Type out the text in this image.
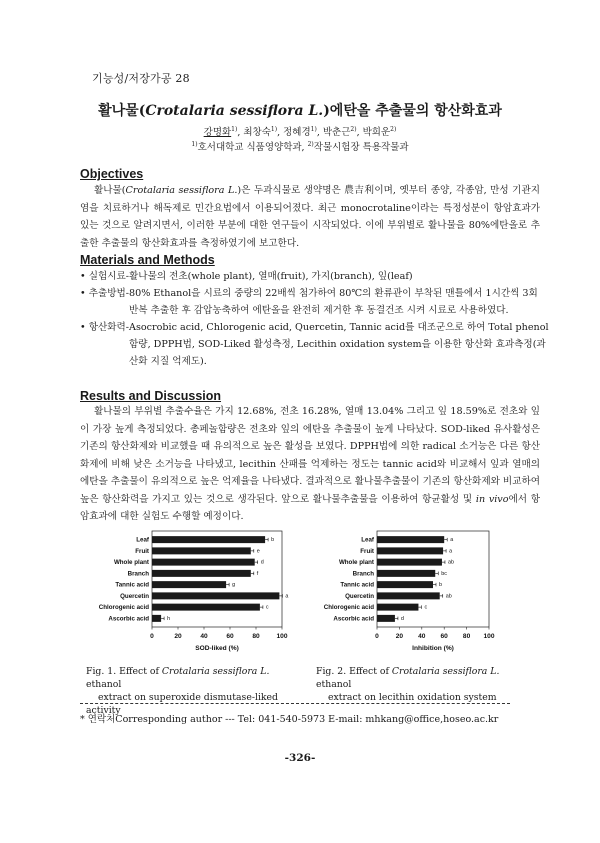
기능성/저장가공 28
활나물(Crotalaria sessiflora L.)에탄올 추출물의 항산화효과
강명화$^{1)}$, 최창숙$^{1)}$, 정혜경$^{1)}$, 박춘근$^{2)}$, 박희운$^{2)}$
$^{1)}$호서대학교 식품영양학과, $^{2)}$작물시험장 특용작물과
Objectives
활나물(Crotalaria sessiflora L.)은 두과식물로 생약명은 農吉利이며, 옛부터 종양, 각종암, 만성 기관지염을 치료하거나 해독제로 민간요법에서 이용되어졌다. 최근 monocrotaline이라는 특정성분이 항암효과가 있는 것으로 알려지면서, 이러한 부분에 대한 연구들이 시작되었다. 이에 부위별로 활나물을 80%에탄올로 추출한 추출물의 항산화효과를 측정하였기에 보고한다.
Materials and Methods
• 실험시료- 활나물의 전초(whole plant), 열매(fruit), 가지(branch), 잎(leaf)
• 추출방법- 80% Ethanol을 시료의 중량의 22배씩 첨가하여 80℃의 환류관이 부착된 맨틀에서 1시간씩 3회 반복 추출한 후 감압농축하여 에탄올을 완전히 제거한 후 동결건조 시켜 시료로 사용하였다.
• 항산화력- Asocrobic acid, Chlorogenic acid, Quercetin, Tannic acid를 대조군으로 하여 Total phenol 함량, DPPH법, SOD-Liked 활성측정, Lecithin oxidation system을 이용한 항산화 효과측정(과산화 지질 억제도).
Results and Discussion
활나물의 부위별 추출수율은 가지 12.68%, 전초 16.28%, 열매 13.04% 그리고 잎 18.59%로 전초와 잎이 가장 높게 측정되었다. 총페놀함량은 전초와 잎의 에탄올 추출물이 높게 나타났다. SOD-liked 유사활성은 기존의 항산화제와 비교했을 때 유의적으로 높은 활성을 보였다. DPPH법에 의한 radical 소거능은 다른 항산화제에 비해 낮은 소거능을 나타냈고, lecithin 산패를 억제하는 정도는 tannic acid와 비교해서 잎과 열매의 에탄올 추출물이 유의적으로 높은 억제율을 나타냈다. 결과적으로 활나물추출물이 기존의 항산화제와 비교하여 높은 항산화력을 가지고 있는 것으로 생각된다. 앞으로 활나물추출물을 이용하여 항균활성 및 in vivo에서 항암효과에 대한 실험도 수행할 예정이다.
Leaf	b
Fruit	e
Whole plant	d
Branch	f
Tannic acid	g
Quercetin	a
Chlorogenic acid	c
Ascorbic acid	h
0	20	40	60	80	100
SOD-liked (%)
Leaf	a
Fruit	a
Whole plant	ab
Branch	bc
Tannic acid	b
Quercetin	ab
Chlorogenic acid	c
Ascorbic acid	d
0	20 40 60 80 100
Inhibition (%)
Fig. 1. Effect of Crotalaria sessiflora L. ethanol
extract on superoxide dismutase-liked activity
Fig. 2. Effect of Crotalaria sessiflora L. ethanol
extract on lecithin oxidation system
* 연락처Corresponding author --- Tel: 041-540-5973 E-mail: mhkang@office,hoseo.ac.kr
-326-
